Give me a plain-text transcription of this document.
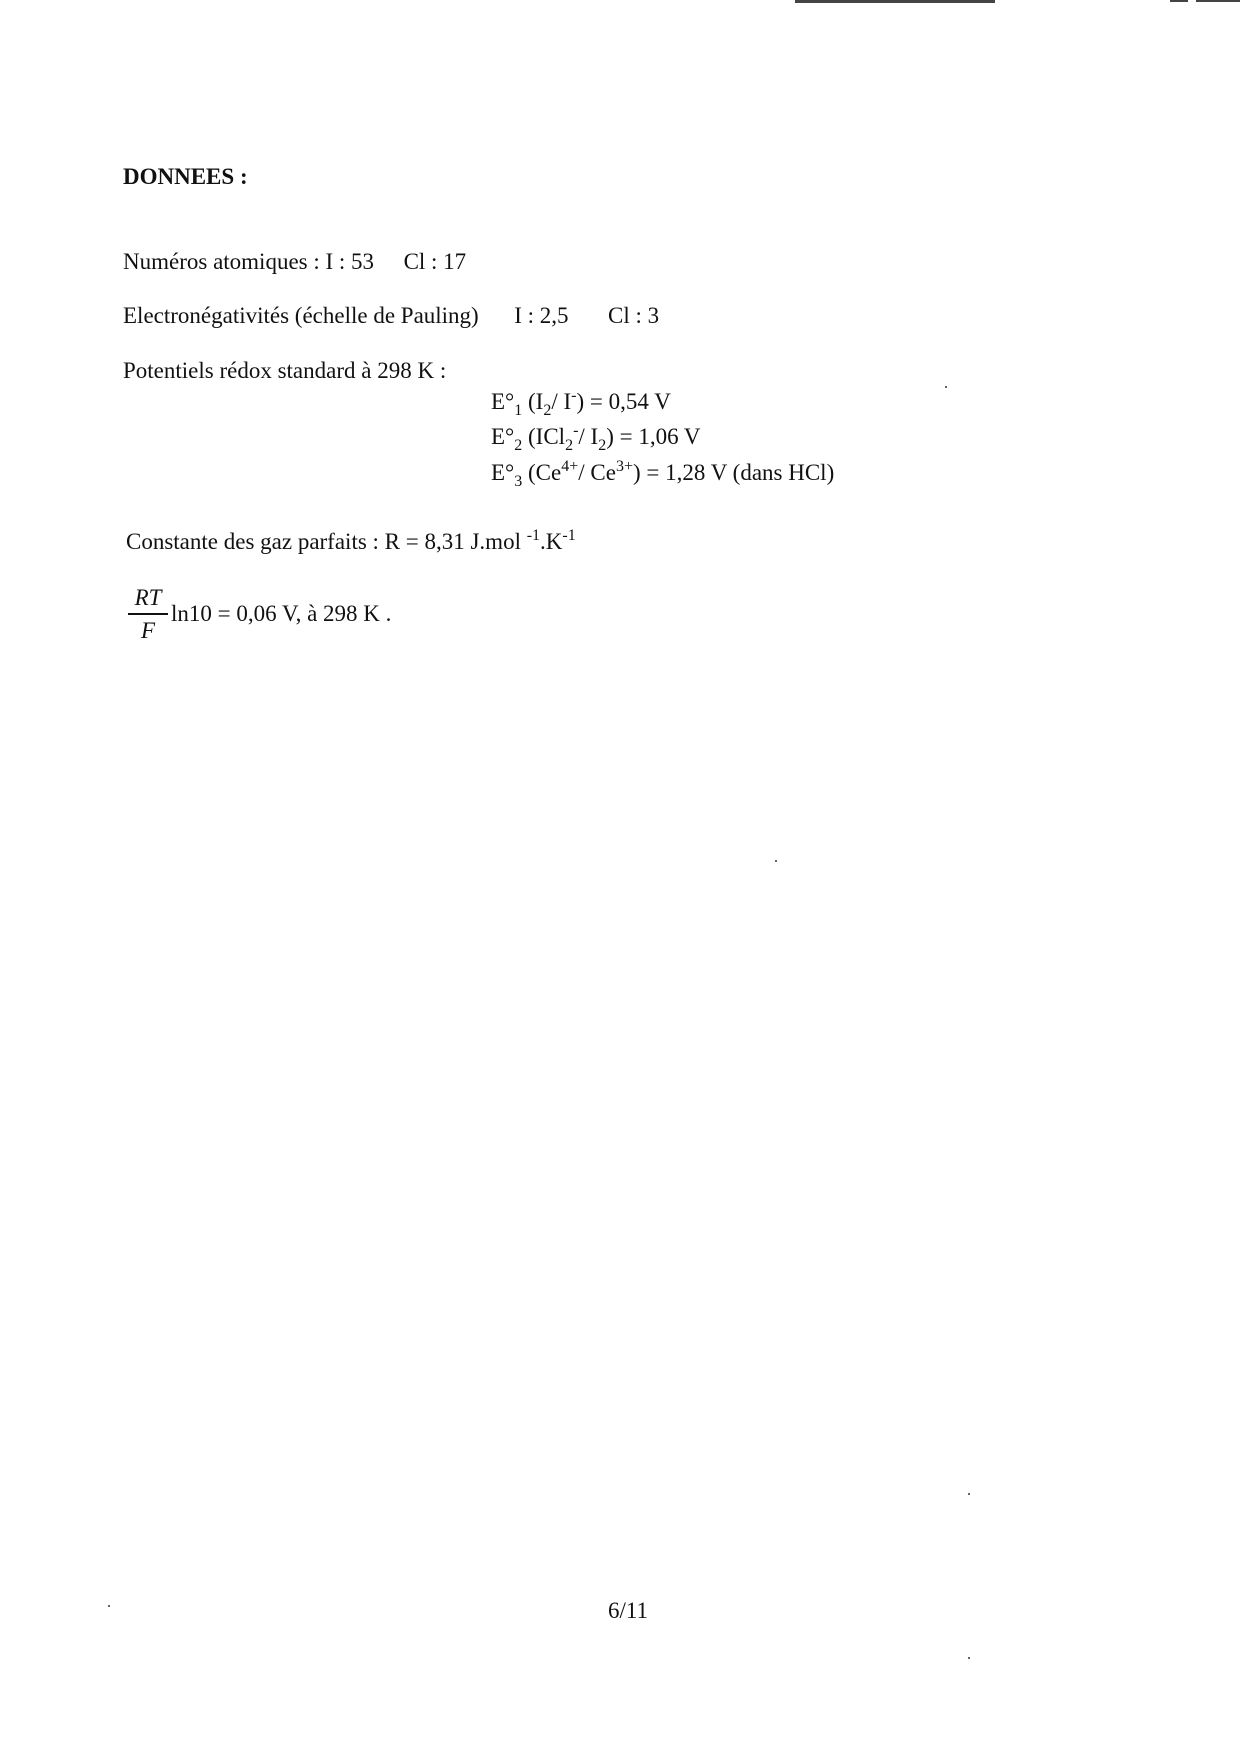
DONNEES :
Numéros atomiques : I : 53 Cl : 17
Electronégativités (échelle de Pauling) I : 2,5 Cl : 3
Potentiels rédox standard à 298 K :
$E^\circ_1$ ($I_2/$ I-) = 0,54 V
$E^\circ_2$ (ICl$_2$-/ $I_2) = 1,06$ V
$E^\circ_3$ ($Ce^{4+}/$ $Ce^{3+}) = 1,28$ V (dans HCl)
Constante des gaz parfaits : R = 8,31 J.mol $^{-1}.K^{-1}$
RT
F
ln10 = 0,06 V, à 298 K .
6/11
